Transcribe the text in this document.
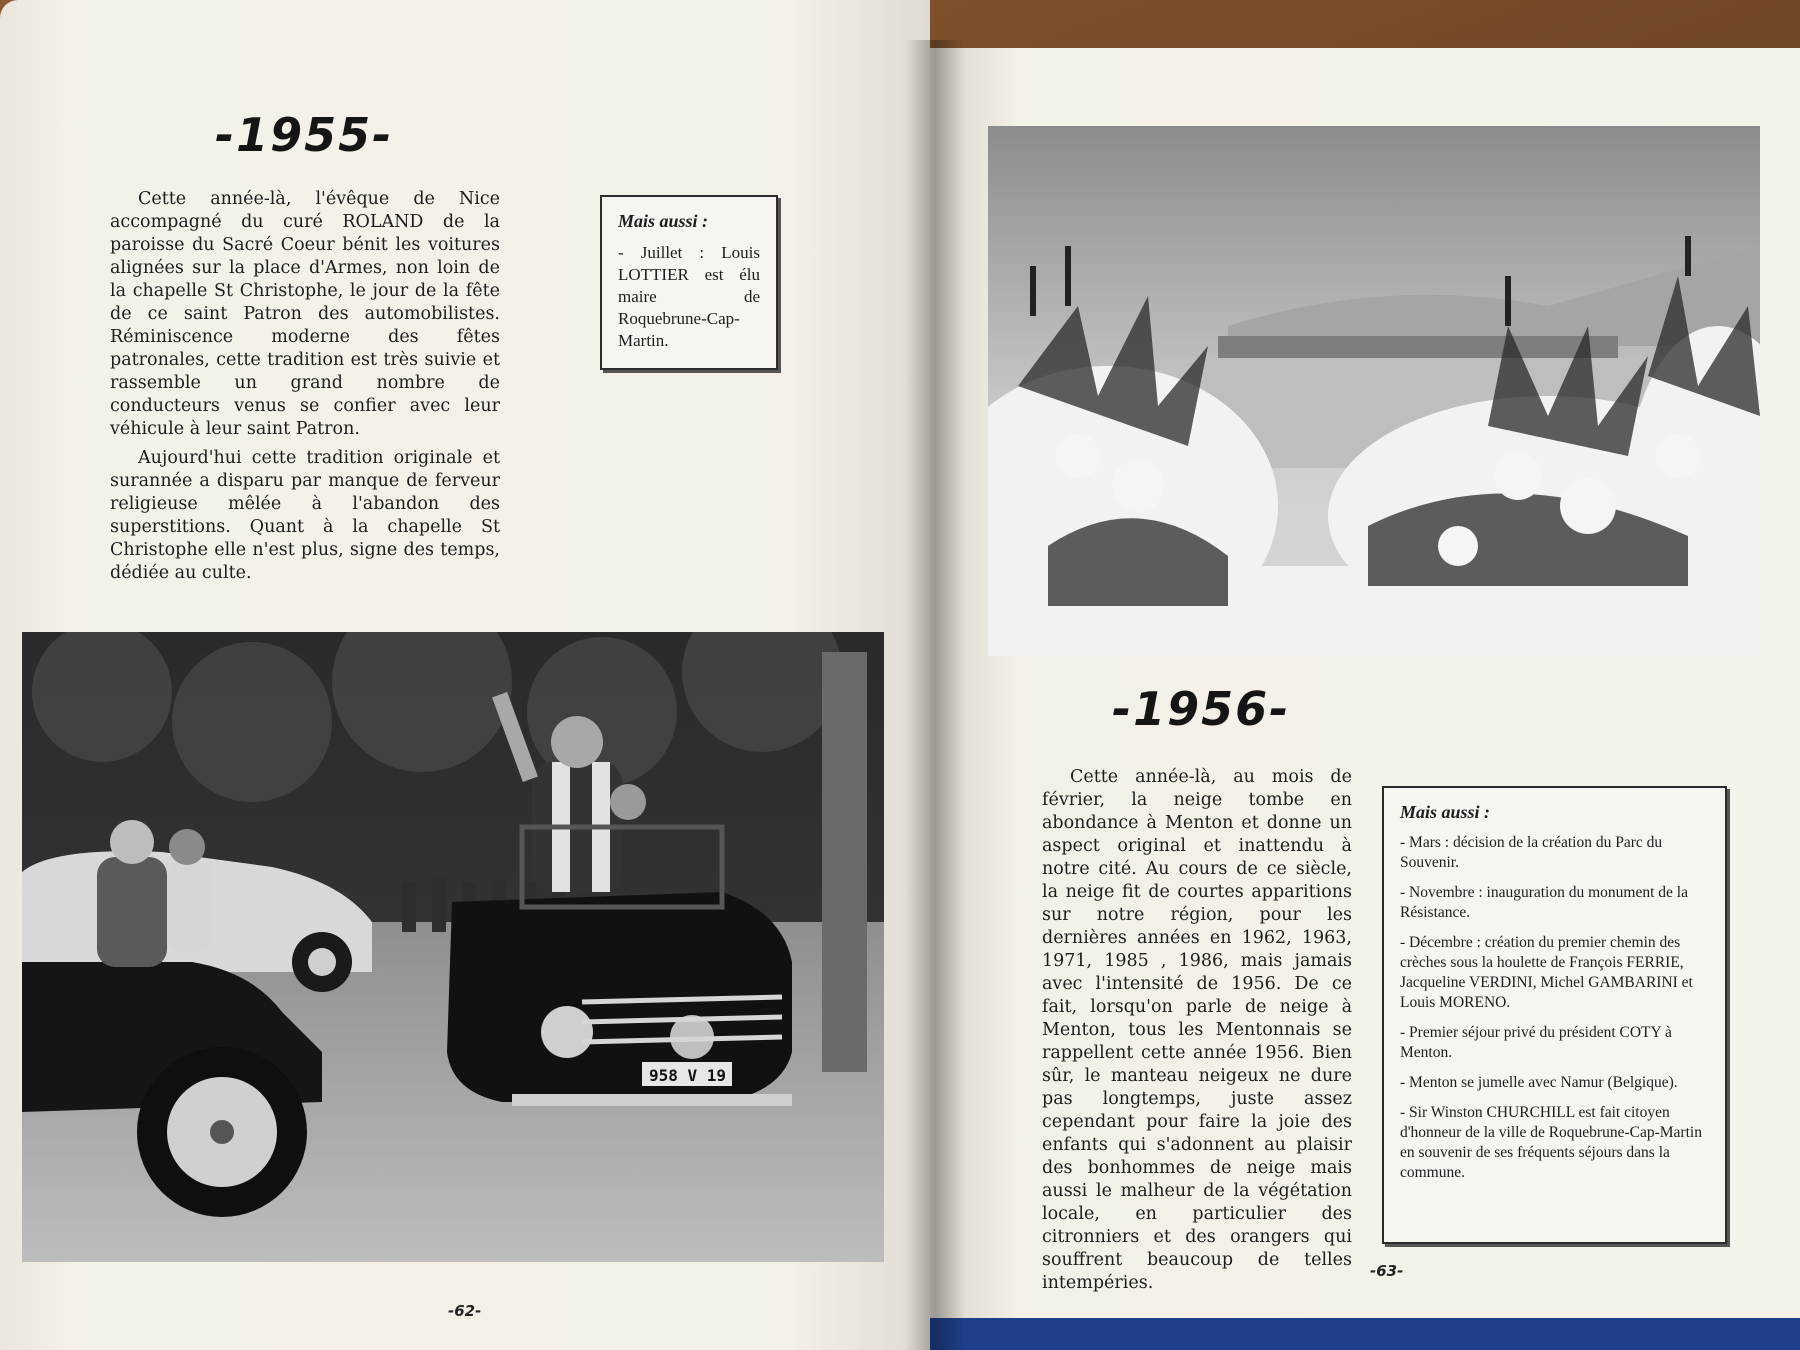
-1955-

Cette année-là, l'évêque de Nice accompagné du curé ROLAND de la paroisse du Sacré Coeur bénit les voitures alignées sur la place d'Armes, non loin de la chapelle St Christophe, le jour de la fête de ce saint Patron des automobilistes. Réminiscence moderne des fêtes patronales, cette tradition est très suivie et rassemble un grand nombre de conducteurs venus se confier avec leur véhicule à leur saint Patron.

Aujourd'hui cette tradition originale et surannée a disparu par manque de ferveur religieuse mêlée à l'abandon des superstitions. Quant à la chapelle St Christophe elle n'est plus, signe des temps, dédiée au culte.

Mais aussi :
- Juillet : Louis LOTTIER est élu maire de Roquebrune-Cap-Martin.
958 V 19
-62-
-1956-

Cette année-là, au mois de février, la neige tombe en abondance à Menton et donne un aspect original et inattendu à notre cité. Au cours de ce siècle, la neige fit de courtes apparitions sur notre région, pour les dernières années en 1962, 1963, 1971, 1985 , 1986, mais jamais avec l'intensité de 1956. De ce fait, lorsqu'on parle de neige à Menton, tous les Mentonnais se rappellent cette année 1956. Bien sûr, le manteau neigeux ne dure pas longtemps, juste assez cependant pour faire la joie des enfants qui s'adonnent au plaisir des bonhommes de neige mais aussi le malheur de la végétation locale, en particulier des citronniers et des orangers qui souffrent beaucoup de telles intempéries.

Mais aussi :
- Mars : décision de la création du Parc du Souvenir.
- Novembre : inauguration du monument de la Résistance.
- Décembre : création du premier chemin des crèches sous la houlette de François FERRIE, Jacqueline VERDINI, Michel GAMBARINI et Louis MORENO.
- Premier séjour privé du président COTY à Menton.
- Menton se jumelle avec Namur (Belgique).
- Sir Winston CHURCHILL est fait citoyen d'honneur de la ville de Roquebrune-Cap-Martin en souvenir de ses fréquents séjours dans la commune.
-63-
